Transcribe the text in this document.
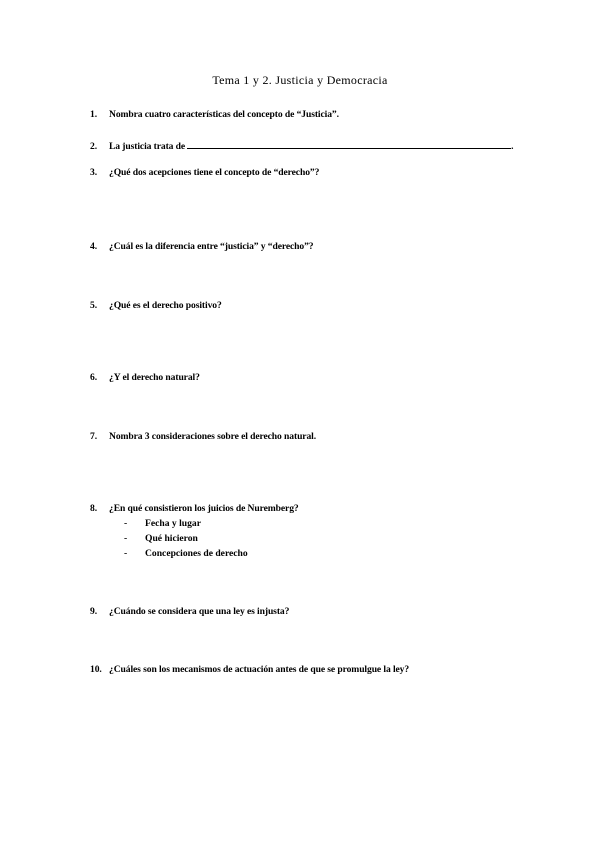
Tema 1 y 2. Justicia y Democracia
1. Nombra cuatro características del concepto de “Justicia”.
2. La justicia trata de	.
3. ¿Qué dos acepciones tiene el concepto de “derecho”?
4. ¿Cuál es la diferencia entre “justicia” y “derecho”?
5. ¿Qué es el derecho positivo?
6. ¿Y el derecho natural?
7. Nombra 3 consideraciones sobre el derecho natural.
8. ¿En qué consistieron los juicios de Nuremberg?
- Fecha y lugar
- Qué hicieron
- Concepciones de derecho
9. ¿Cuándo se considera que una ley es injusta?
10. ¿Cuáles son los mecanismos de actuación antes de que se promulgue la ley?
